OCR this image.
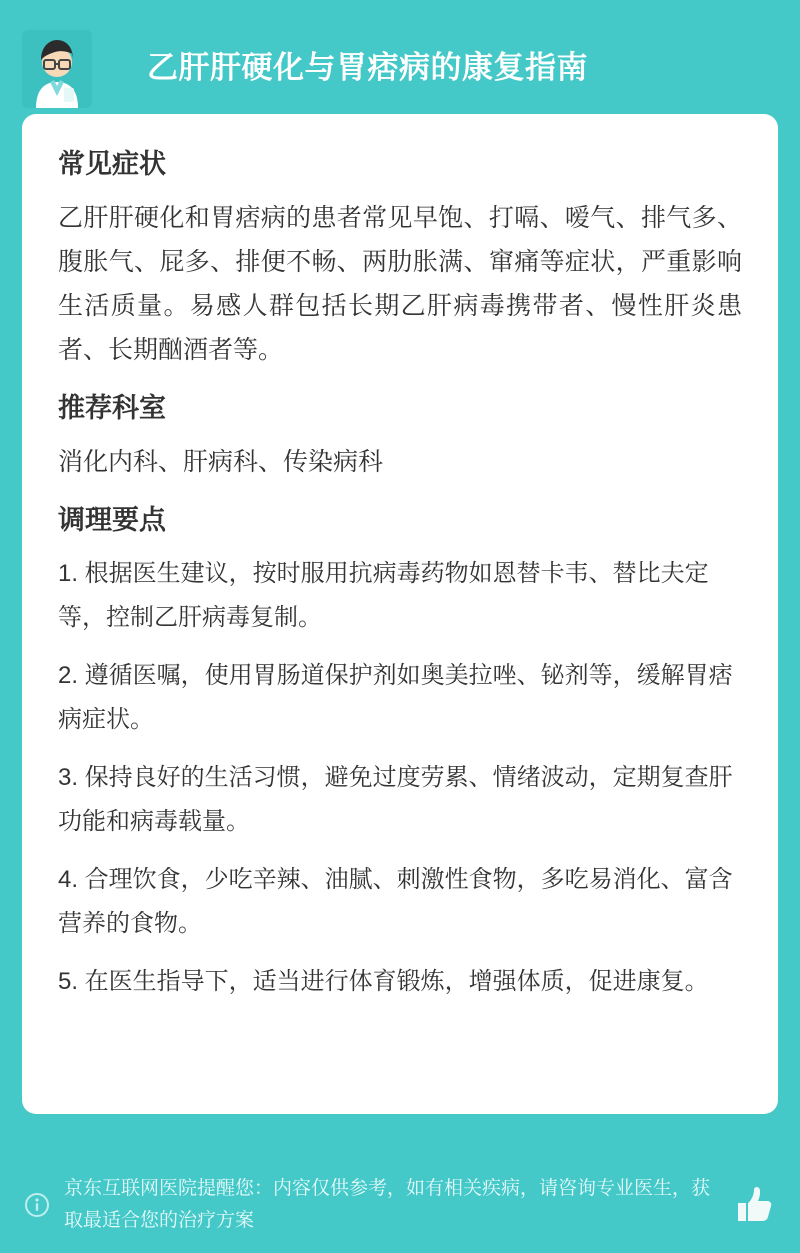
乙肝肝硬化与胃痞病的康复指南
常见症状

乙肝肝硬化和胃痞病的患者常见早饱、打嗝、嗳气、排气多、腹胀气、屁多、排便不畅、两肋胀满、窜痛等症状，严重影响生活质量。易感人群包括长期乙肝病毒携带者、慢性肝炎患者、长期酗酒者等。

推荐科室

消化内科、肝病科、传染病科

调理要点

1. 根据医生建议，按时服用抗病毒药物如恩替卡韦、替比夫定等，控制乙肝病毒复制。

2. 遵循医嘱，使用胃肠道保护剂如奥美拉唑、铋剂等，缓解胃痞病症状。

3. 保持良好的生活习惯，避免过度劳累、情绪波动，定期复查肝功能和病毒载量。

4. 合理饮食，少吃辛辣、油腻、刺激性食物，多吃易消化、富含营养的食物。

5. 在医生指导下，适当进行体育锻炼，增强体质，促进康复。

京东互联网医院提醒您：内容仅供参考，如有相关疾病，请咨询专业医生，获取最适合您的治疗方案
